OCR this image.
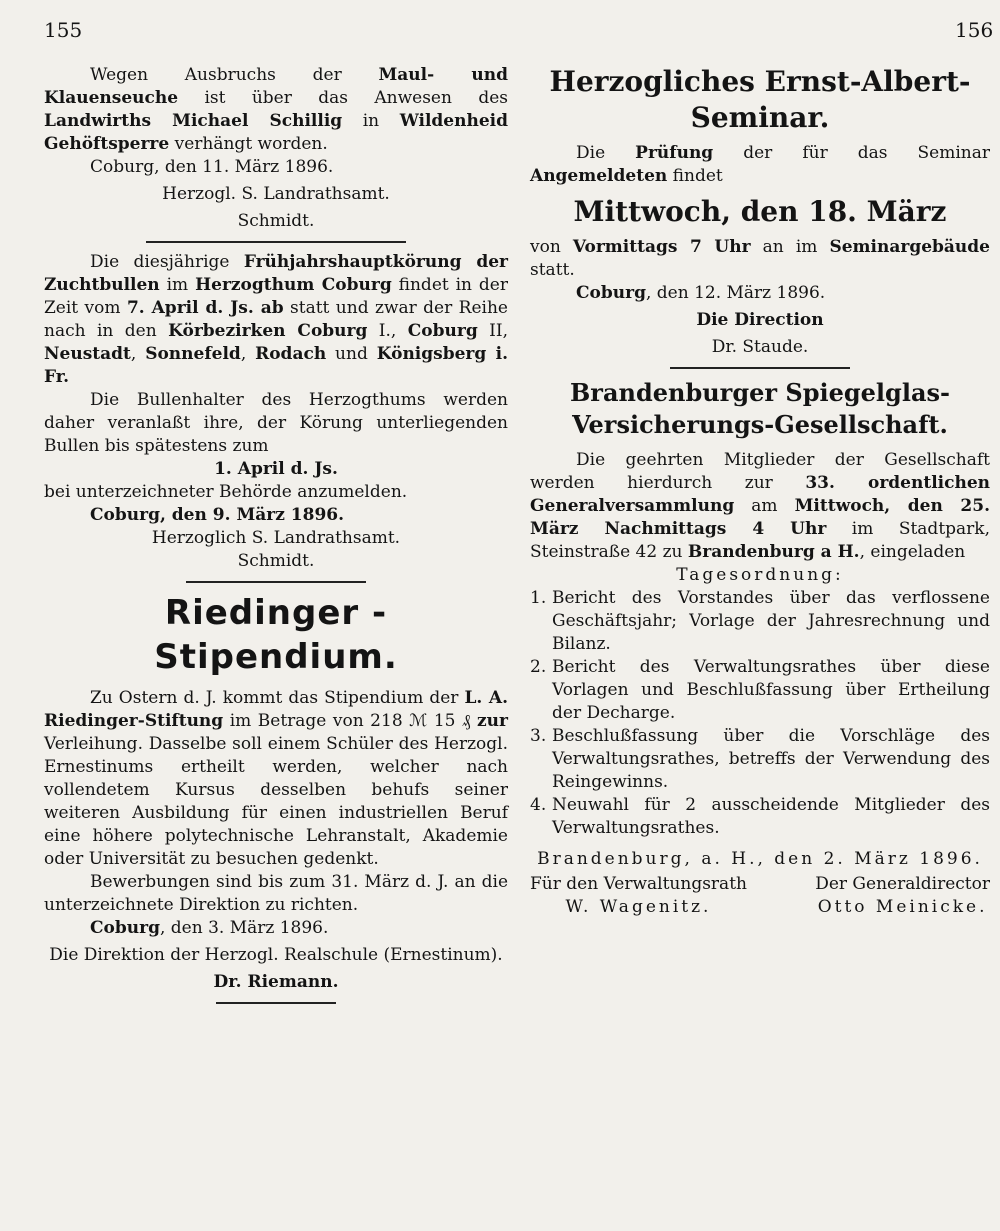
155	156

Wegen Ausbruchs der Maul- und Klauenseuche ist über das Anwesen des Landwirths Michael Schillig in Wildenheid Gehöftsperre verhängt worden.

Coburg, den 11. März 1896.

Herzogl. S. Landrathsamt.

Schmidt.

Die diesjährige Frühjahrshauptkörung der Zuchtbullen im Herzogthum Coburg findet in der Zeit vom 7. April d. Js. ab statt und zwar der Reihe nach in den Körbezirken Coburg I., Coburg II, Neustadt, Sonnefeld, Rodach und Königsberg i. Fr.

Die Bullenhalter des Herzogthums werden daher veranlaßt ihre, der Körung unterliegenden Bullen bis spätestens zum

1. April d. Js.

bei unterzeichneter Behörde anzumelden.

Coburg, den 9. März 1896.

Herzoglich S. Landrathsamt.

Schmidt.

Riedinger - Stipendium.

Zu Ostern d. J. kommt das Stipendium der L. A. Riedinger-Stiftung im Betrage von 218 ℳ 15 ₰ zur Verleihung. Dasselbe soll einem Schüler des Herzogl. Ernestinums ertheilt werden, welcher nach vollendetem Kursus desselben behufs seiner weiteren Ausbildung für einen industriellen Beruf eine höhere polytechnische Lehranstalt, Akademie oder Universität zu besuchen gedenkt.

Bewerbungen sind bis zum 31. März d. J. an die unterzeichnete Direktion zu richten.

Coburg, den 3. März 1896.

Die Direktion der Herzogl. Realschule (Ernestinum).

Dr. Riemann.

Herzogliches Ernst-Albert-Seminar.

Die Prüfung der für das Seminar Angemeldeten findet

Mittwoch, den 18. März

von Vormittags 7 Uhr an im Seminargebäude statt.

Coburg, den 12. März 1896.

Die Direction

Dr. Staude.

Brandenburger Spiegelglas-
Versicherungs-Gesellschaft.

Die geehrten Mitglieder der Gesellschaft werden hierdurch zur 33. ordentlichen Generalversammlung am Mittwoch, den 25. März Nachmittags 4 Uhr im Stadtpark, Steinstraße 42 zu Brandenburg a H., eingeladen

Tagesordnung:

1. Bericht des Vorstandes über das verflossene Geschäftsjahr; Vorlage der Jahresrechnung und Bilanz.
2. Bericht des Verwaltungsrathes über diese Vorlagen und Beschlußfassung über Ertheilung der Decharge.
3. Beschlußfassung über die Vorschläge des Verwaltungsrathes, betreffs der Verwendung des Reingewinns.
4. Neuwahl für 2 ausscheidende Mitglieder des Verwaltungsrathes.

Brandenburg, a. H., den 2. März 1896.

Für den Verwaltungsrath
W. Wagenitz.
Der Generaldirector
Otto Meinicke.
